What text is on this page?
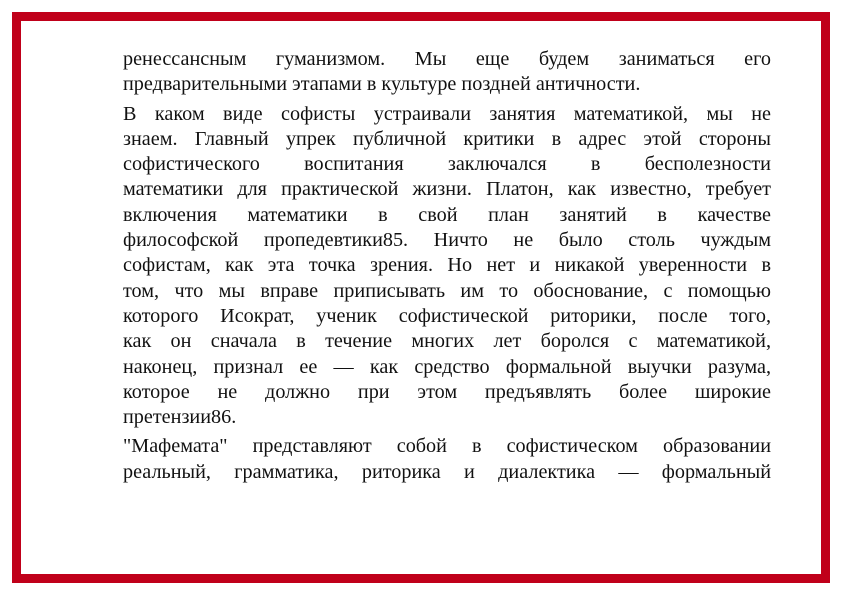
ренессансным гуманизмом. Мы еще будем заниматься его
предварительными этапами в культуре поздней античности.

В каком виде софисты устраивали занятия математикой, мы не
знаем. Главный упрек публичной критики в адрес этой стороны
софистического воспитания заключался в бесполезности
математики для практической жизни. Платон, как известно, требует
включения математики в свой план занятий в качестве
философской пропедевтики85. Ничто не было столь чуждым
софистам, как эта точка зрения. Но нет и никакой уверенности в
том, что мы вправе приписывать им то обоснование, с помощью
которого Исократ, ученик софистической риторики, после того,
как он сначала в течение многих лет боролся с математикой,
наконец, признал ее — как средство формальной выучки разума,
которое не должно при этом предъявлять более широкие
претензии86.

"Мафемата" представляют собой в софистическом образовании
реальный, грамматика, риторика и диалектика — формальный
